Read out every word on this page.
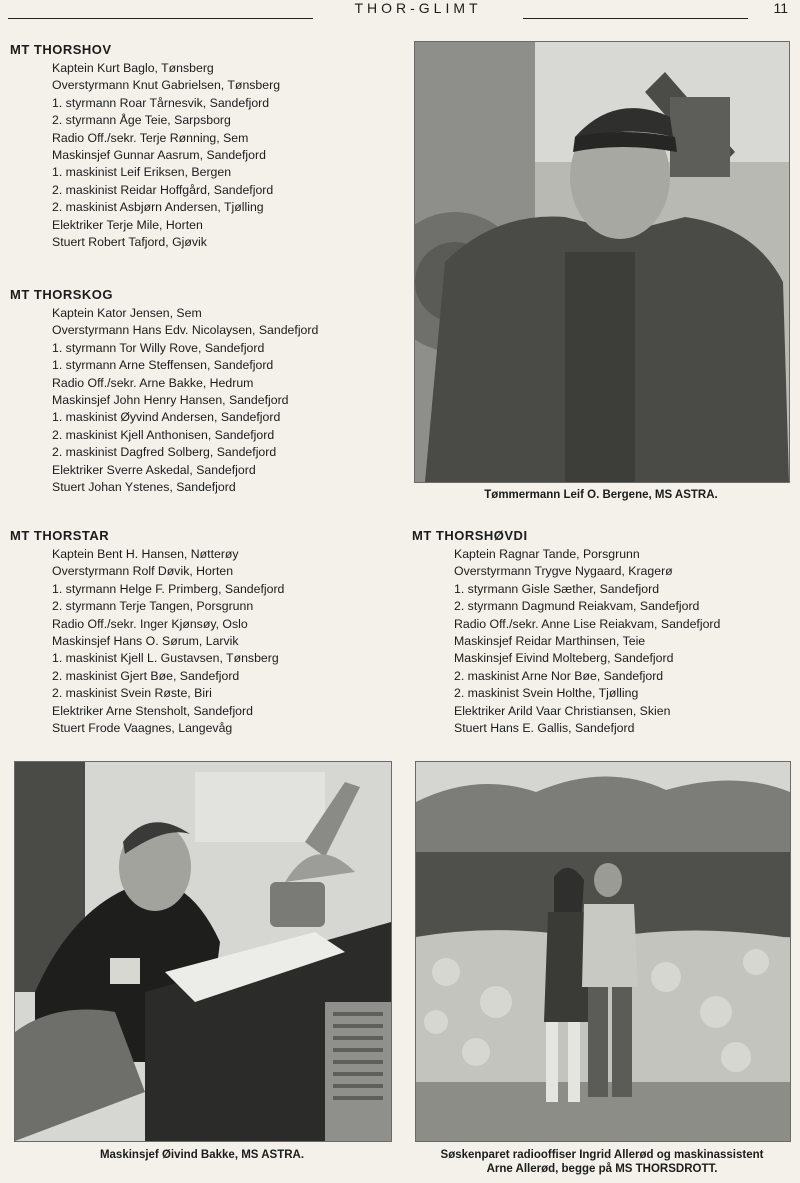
THOR-GLIMT	11
MT THORSHOV
Kaptein Kurt Baglo, Tønsberg
Overstyrmann Knut Gabrielsen, Tønsberg
1. styrmann Roar Tårnesvik, Sandefjord
2. styrmann Åge Teie, Sarpsborg
Radio Off./sekr. Terje Rønning, Sem
Maskinsjef Gunnar Aasrum, Sandefjord
1. maskinist Leif Eriksen, Bergen
2. maskinist Reidar Hoffgård, Sandefjord
2. maskinist Asbjørn Andersen, Tjølling
Elektriker Terje Mile, Horten
Stuert Robert Tafjord, Gjøvik
MT THORSKOG
Kaptein Kator Jensen, Sem
Overstyrmann Hans Edv. Nicolaysen, Sandefjord
1. styrmann Tor Willy Rove, Sandefjord
1. styrmann Arne Steffensen, Sandefjord
Radio Off./sekr. Arne Bakke, Hedrum
Maskinsjef John Henry Hansen, Sandefjord
1. maskinist Øyvind Andersen, Sandefjord
2. maskinist Kjell Anthonisen, Sandefjord
2. maskinist Dagfred Solberg, Sandefjord
Elektriker Sverre Askedal, Sandefjord
Stuert Johan Ystenes, Sandefjord
MT THORSTAR
Kaptein Bent H. Hansen, Nøtterøy
Overstyrmann Rolf Døvik, Horten
1. styrmann Helge F. Primberg, Sandefjord
2. styrmann Terje Tangen, Porsgrunn
Radio Off./sekr. Inger Kjønsøy, Oslo
Maskinsjef Hans O. Sørum, Larvik
1. maskinist Kjell L. Gustavsen, Tønsberg
2. maskinist Gjert Bøe, Sandefjord
2. maskinist Svein Røste, Biri
Elektriker Arne Stensholt, Sandefjord
Stuert Frode Vaagnes, Langevåg
MT THORSHØVDI
Kaptein Ragnar Tande, Porsgrunn
Overstyrmann Trygve Nygaard, Kragerø
1. styrmann Gisle Sæther, Sandefjord
2. styrmann Dagmund Reiakvam, Sandefjord
Radio Off./sekr. Anne Lise Reiakvam, Sandefjord
Maskinsjef Reidar Marthinsen, Teie
Maskinsjef Eivind Molteberg, Sandefjord
2. maskinist Arne Nor Bøe, Sandefjord
2. maskinist Svein Holthe, Tjølling
Elektriker Arild Vaar Christiansen, Skien
Stuert Hans E. Gallis, Sandefjord
Tømmermann Leif O. Bergene, MS ASTRA.
Maskinsjef Øivind Bakke, MS ASTRA.	Søskenparet radiooffiser Ingrid Allerød og maskinassistent
Arne Allerød, begge på MS THORSDROTT.
